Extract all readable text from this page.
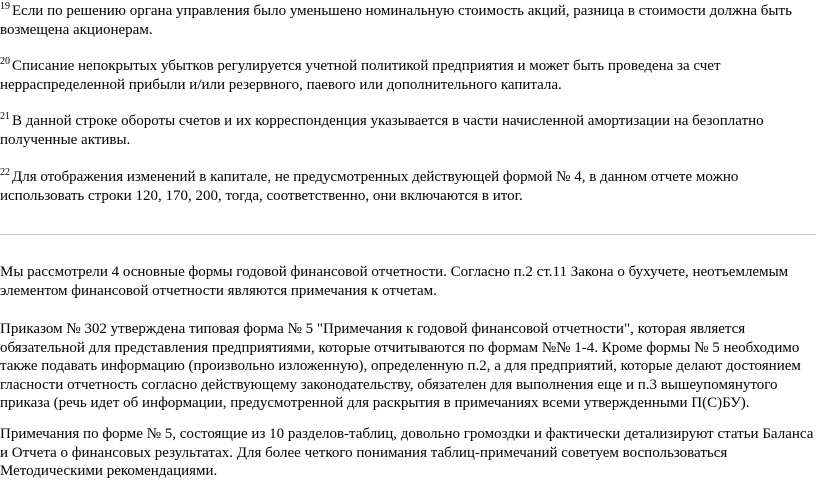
$^{19}$ Если по решению органа управления было уменьшено номинальную стоимость акций, разница в стоимости должна быть возмещена акционерам.

$^{20}$ Списание непокрытых убытков регулируется учетной политикой предприятия и может быть проведена за счет нерраспределенной прибыли и/или резервного, паевого или дополнительного капитала.

$^{21}$ В данной строке обороты счетов и их корреспонденция указывается в части начисленной амортизации на безоплатно полученные активы.

$^{22}$ Для отображения изменений в капитале, не предусмотренных действующей формой № 4, в данном отчете можно использовать строки 120, 170, 200, тогда, соответственно, они включаются в итог.

Мы рассмотрели 4 основные формы годовой финансовой отчетности. Согласно п.2 ст.11 Закона о бухучете, неотъемлемым элементом финансовой отчетности являются примечания к отчетам.

Приказом № 302 утверждена типовая форма № 5 "Примечания к годовой финансовой отчетности", которая является обязательной для представления предприятиями, которые отчитываются по формам №№ 1-4. Кроме формы № 5 необходимо также подавать информацию (произвольно изложенную), определенную п.2, а для предприятий, которые делают достоянием гласности отчетность согласно действующему законодательству, обязателен для выполнения еще и п.3 вышеупомянутого приказа (речь идет об информации, предусмотренной для раскрытия в примечаниях всеми утвержденными П(С)БУ).

Примечания по форме № 5, состоящие из 10 разделов-таблиц, довольно громоздки и фактически детализируют статьи Баланса и Отчета о финансовых результатах. Для более четкого понимания таблиц-примечаний советуем воспользоваться Методическими рекомендациями.
